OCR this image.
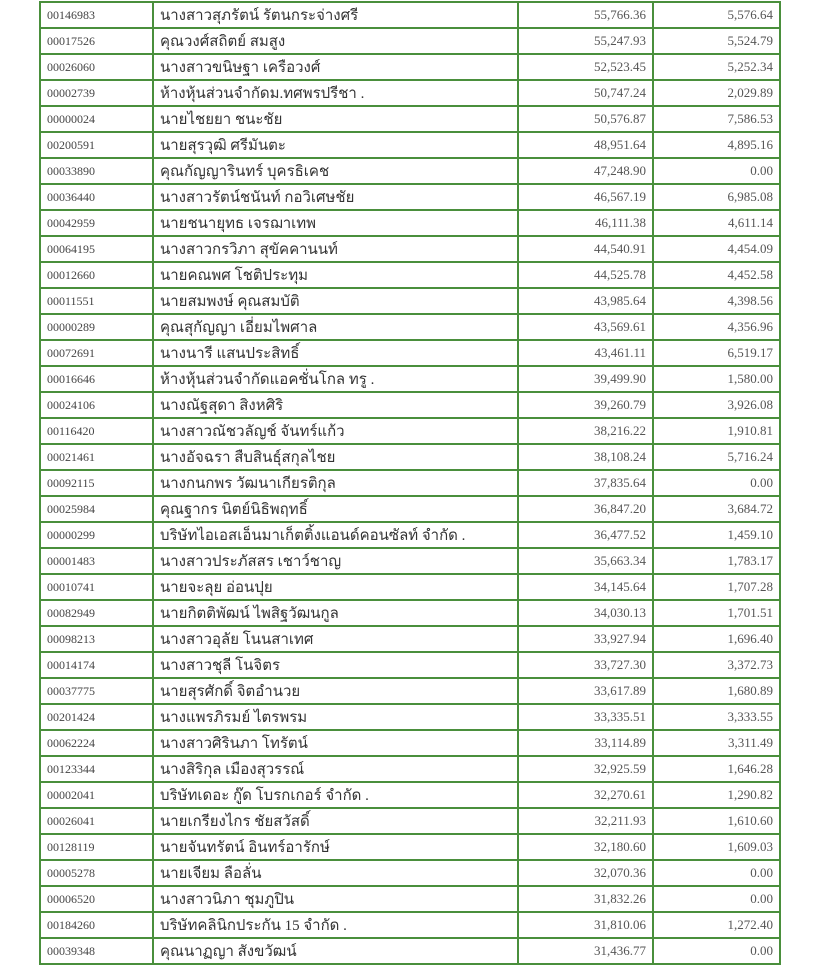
00146983	นางสาวสุภรัตน์ รัตนกระจ่างศรี	55,766.36	5,576.64
00017526	คุณวงศ์สถิตย์ สมสูง	55,247.93	5,524.79
00026060	นางสาวขนิษฐา เครือวงศ์	52,523.45	5,252.34
00002739	ห้างหุ้นส่วนจำกัดม.ทศพรปรีชา .	50,747.24	2,029.89
00000024	นายไชยยา ชนะชัย	50,576.87	7,586.53
00200591	นายสุรวุฒิ ศรีมันตะ	48,951.64	4,895.16
00033890	คุณกัญญารินทร์ บุครธิเคช	47,248.90	0.00
00036440	นางสาวรัตน์ชนันท์ กอวิเศษชัย	46,567.19	6,985.08
00042959	นายชนายุทธ เจรฌาเทพ	46,111.38	4,611.14
00064195	นางสาวกรวิภา สุขัคคานนท์	44,540.91	4,454.09
00012660	นายคณพศ โชติประทุม	44,525.78	4,452.58
00011551	นายสมพงษ์ คุณสมบัติ	43,985.64	4,398.56
00000289	คุณสุกัญญา เอี่ยมไพศาล	43,569.61	4,356.96
00072691	นางนารี แสนประสิทธิ์	43,461.11	6,519.17
00016646	ห้างหุ้นส่วนจำกัดแอคชั่นโกล ทรู .	39,499.90	1,580.00
00024106	นางณัฐสุดา สิงหศิริ	39,260.79	3,926.08
00116420	นางสาวณัชวลัญช์ จันทร์แก้ว	38,216.22	1,910.81
00021461	นางอัจฉรา สืบสินธุ์สกุลไชย	38,108.24	5,716.24
00092115	นางกนกพร วัฒนาเกียรติกุล	37,835.64	0.00
00025984	คุณฐากร นิตย์นิธิพฤทธิ์	36,847.20	3,684.72
00000299	บริษัทไอเอสเอ็นมาเก็ตติ้งแอนด์คอนซัลท์ จำกัด .	36,477.52	1,459.10
00001483	นางสาวประภัสสร เชาว์ชาญ	35,663.34	1,783.17
00010741	นายจะลุย อ่อนปุย	34,145.64	1,707.28
00082949	นายกิตติพัฒน์ ไพสิฐวัฒนกูล	34,030.13	1,701.51
00098213	นางสาวอุลัย โนนสาเทศ	33,927.94	1,696.40
00014174	นางสาวชุลี โนจิตร	33,727.30	3,372.73
00037775	นายสุรศักดิ์ จิตอำนวย	33,617.89	1,680.89
00201424	นางแพรภิรมย์ ไตรพรม	33,335.51	3,333.55
00062224	นางสาวศิรินภา โทรัตน์	33,114.89	3,311.49
00123344	นางสิริกุล เมืองสุวรรณ์	32,925.59	1,646.28
00002041	บริษัทเดอะ กู๊ด โบรกเกอร์ จำกัด .	32,270.61	1,290.82
00026041	นายเกรียงไกร ชัยสวัสดิ์	32,211.93	1,610.60
00128119	นายจันทรัตน์ อินทร์อารักษ์	32,180.60	1,609.03
00005278	นายเจียม ลือลั่น	32,070.36	0.00
00006520	นางสาวนิภา ชุมภูปิน	31,832.26	0.00
00184260	บริษัทคลินิกประกัน 15 จำกัด .	31,810.06	1,272.40
00039348	คุณนาฏญา สังขวัฒน์	31,436.77	0.00
